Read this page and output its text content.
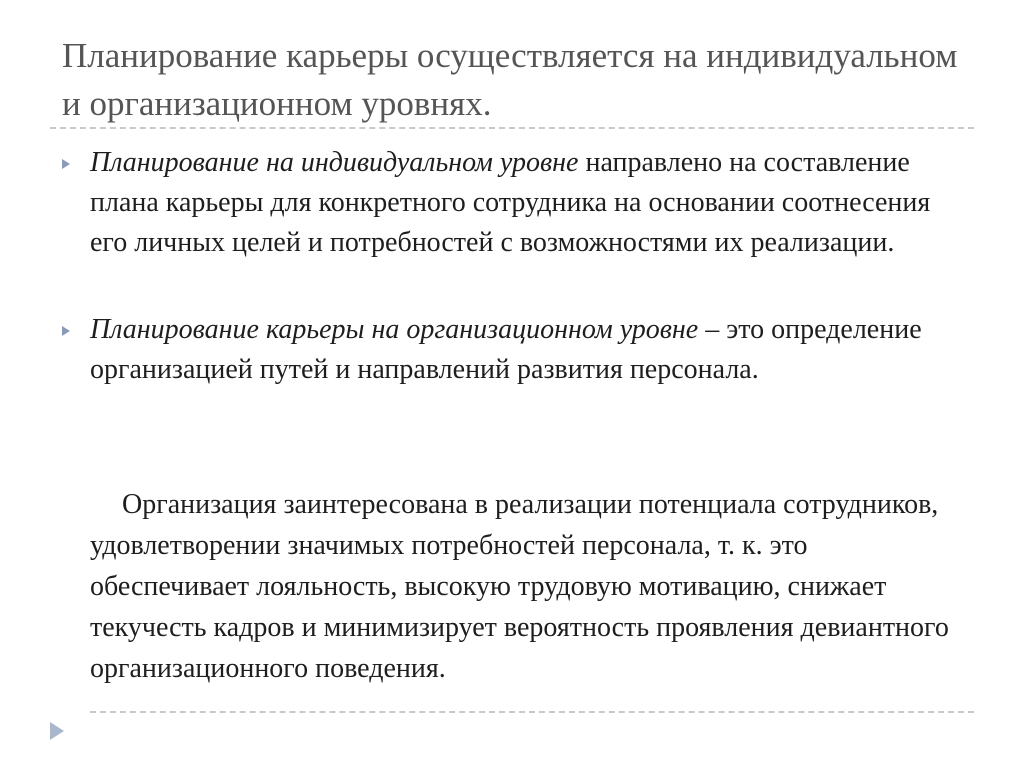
Планирование карьеры осуществляется на индивидуальном и организационном уровнях.
Планирование на индивидуальном уровне направлено на составление плана карьеры для конкретного сотрудника на основании соотнесения его личных целей и потребностей с возможностями их реализации.
Планирование карьеры на организационном уровне – это определение организацией путей и направлений развития персонала.

Организация заинтересована в реализации потенциала сотрудников, удовлетворении значимых потребностей персонала, т. к. это обеспечивает лояльность, высокую трудовую мотивацию, снижает текучесть кадров и минимизирует вероятность проявления девиантного организационного поведения.
